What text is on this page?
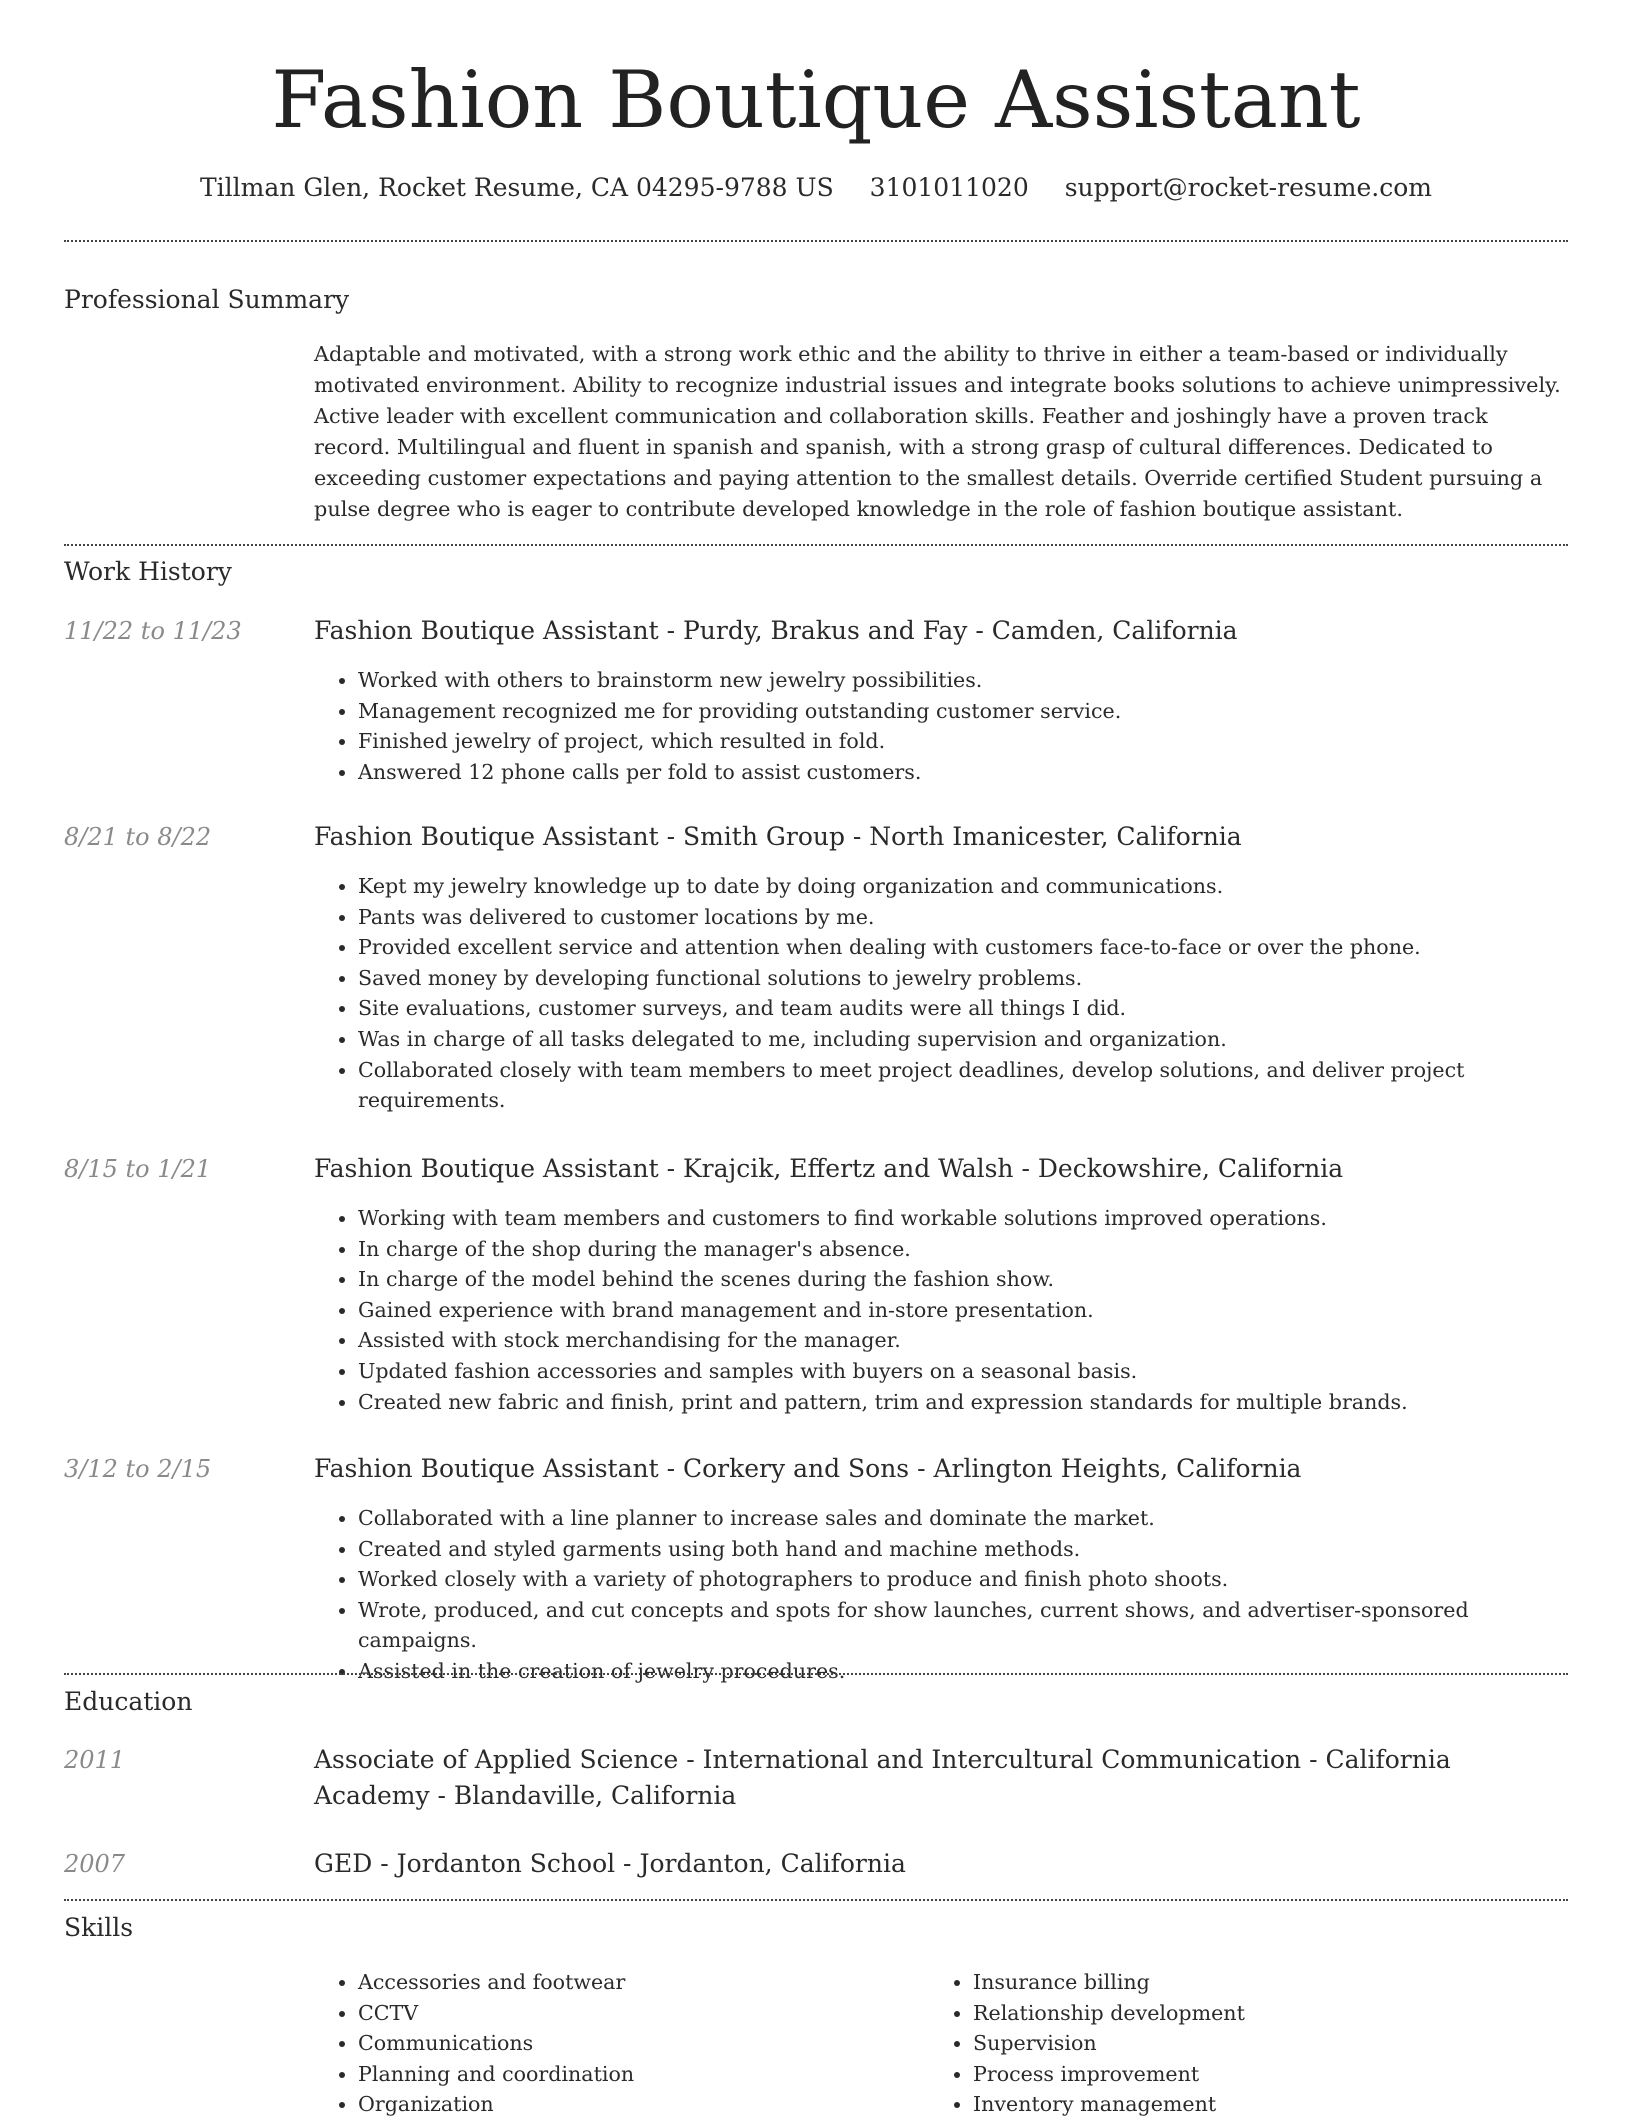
Fashion Boutique Assistant
Tillman Glen, Rocket Resume, CA 04295-9788 US 3101011020 support@rocket-resume.com
Professional Summary

Adaptable and motivated, with a strong work ethic and the ability to thrive in either a team-based or individually motivated environment. Ability to recognize industrial issues and integrate books solutions to achieve unimpressively. Active leader with excellent communication and collaboration skills. Feather and joshingly have a proven track record. Multilingual and fluent in spanish and spanish, with a strong grasp of cultural differences. Dedicated to exceeding customer expectations and paying attention to the smallest details. Override certified Student pursuing a pulse degree who is eager to contribute developed knowledge in the role of fashion boutique assistant.

Work History
11/22 to 11/23	Fashion Boutique Assistant - Purdy, Brakus and Fay - Camden, California
• Worked with others to brainstorm new jewelry possibilities.
• Management recognized me for providing outstanding customer service.
• Finished jewelry of project, which resulted in fold.
• Answered 12 phone calls per fold to assist customers.
8/21 to 8/22	Fashion Boutique Assistant - Smith Group - North Imanicester, California
• Kept my jewelry knowledge up to date by doing organization and communications.
• Pants was delivered to customer locations by me.
• Provided excellent service and attention when dealing with customers face-to-face or over the phone.
• Saved money by developing functional solutions to jewelry problems.
• Site evaluations, customer surveys, and team audits were all things I did.
• Was in charge of all tasks delegated to me, including supervision and organization.
• Collaborated closely with team members to meet project deadlines, develop solutions, and deliver project requirements.
8/15 to 1/21	Fashion Boutique Assistant - Krajcik, Effertz and Walsh - Deckowshire, California
• Working with team members and customers to find workable solutions improved operations.
• In charge of the shop during the manager's absence.
• In charge of the model behind the scenes during the fashion show.
• Gained experience with brand management and in-store presentation.
• Assisted with stock merchandising for the manager.
• Updated fashion accessories and samples with buyers on a seasonal basis.
• Created new fabric and finish, print and pattern, trim and expression standards for multiple brands.
3/12 to 2/15	Fashion Boutique Assistant - Corkery and Sons - Arlington Heights, California
• Collaborated with a line planner to increase sales and dominate the market.
• Created and styled garments using both hand and machine methods.
• Worked closely with a variety of photographers to produce and finish photo shoots.
• Wrote, produced, and cut concepts and spots for show launches, current shows, and advertiser-sponsored campaigns.
• Assisted in the creation of jewelry procedures.
Education
2011	Associate of Applied Science - International and Intercultural Communication - California Academy - Blandaville, California
2007	GED - Jordanton School - Jordanton, California
Skills
• Accessories and footwear
• CCTV
• Communications
• Planning and coordination
• Organization
• Insurance billing
• Relationship development
• Supervision
• Process improvement
• Inventory management
